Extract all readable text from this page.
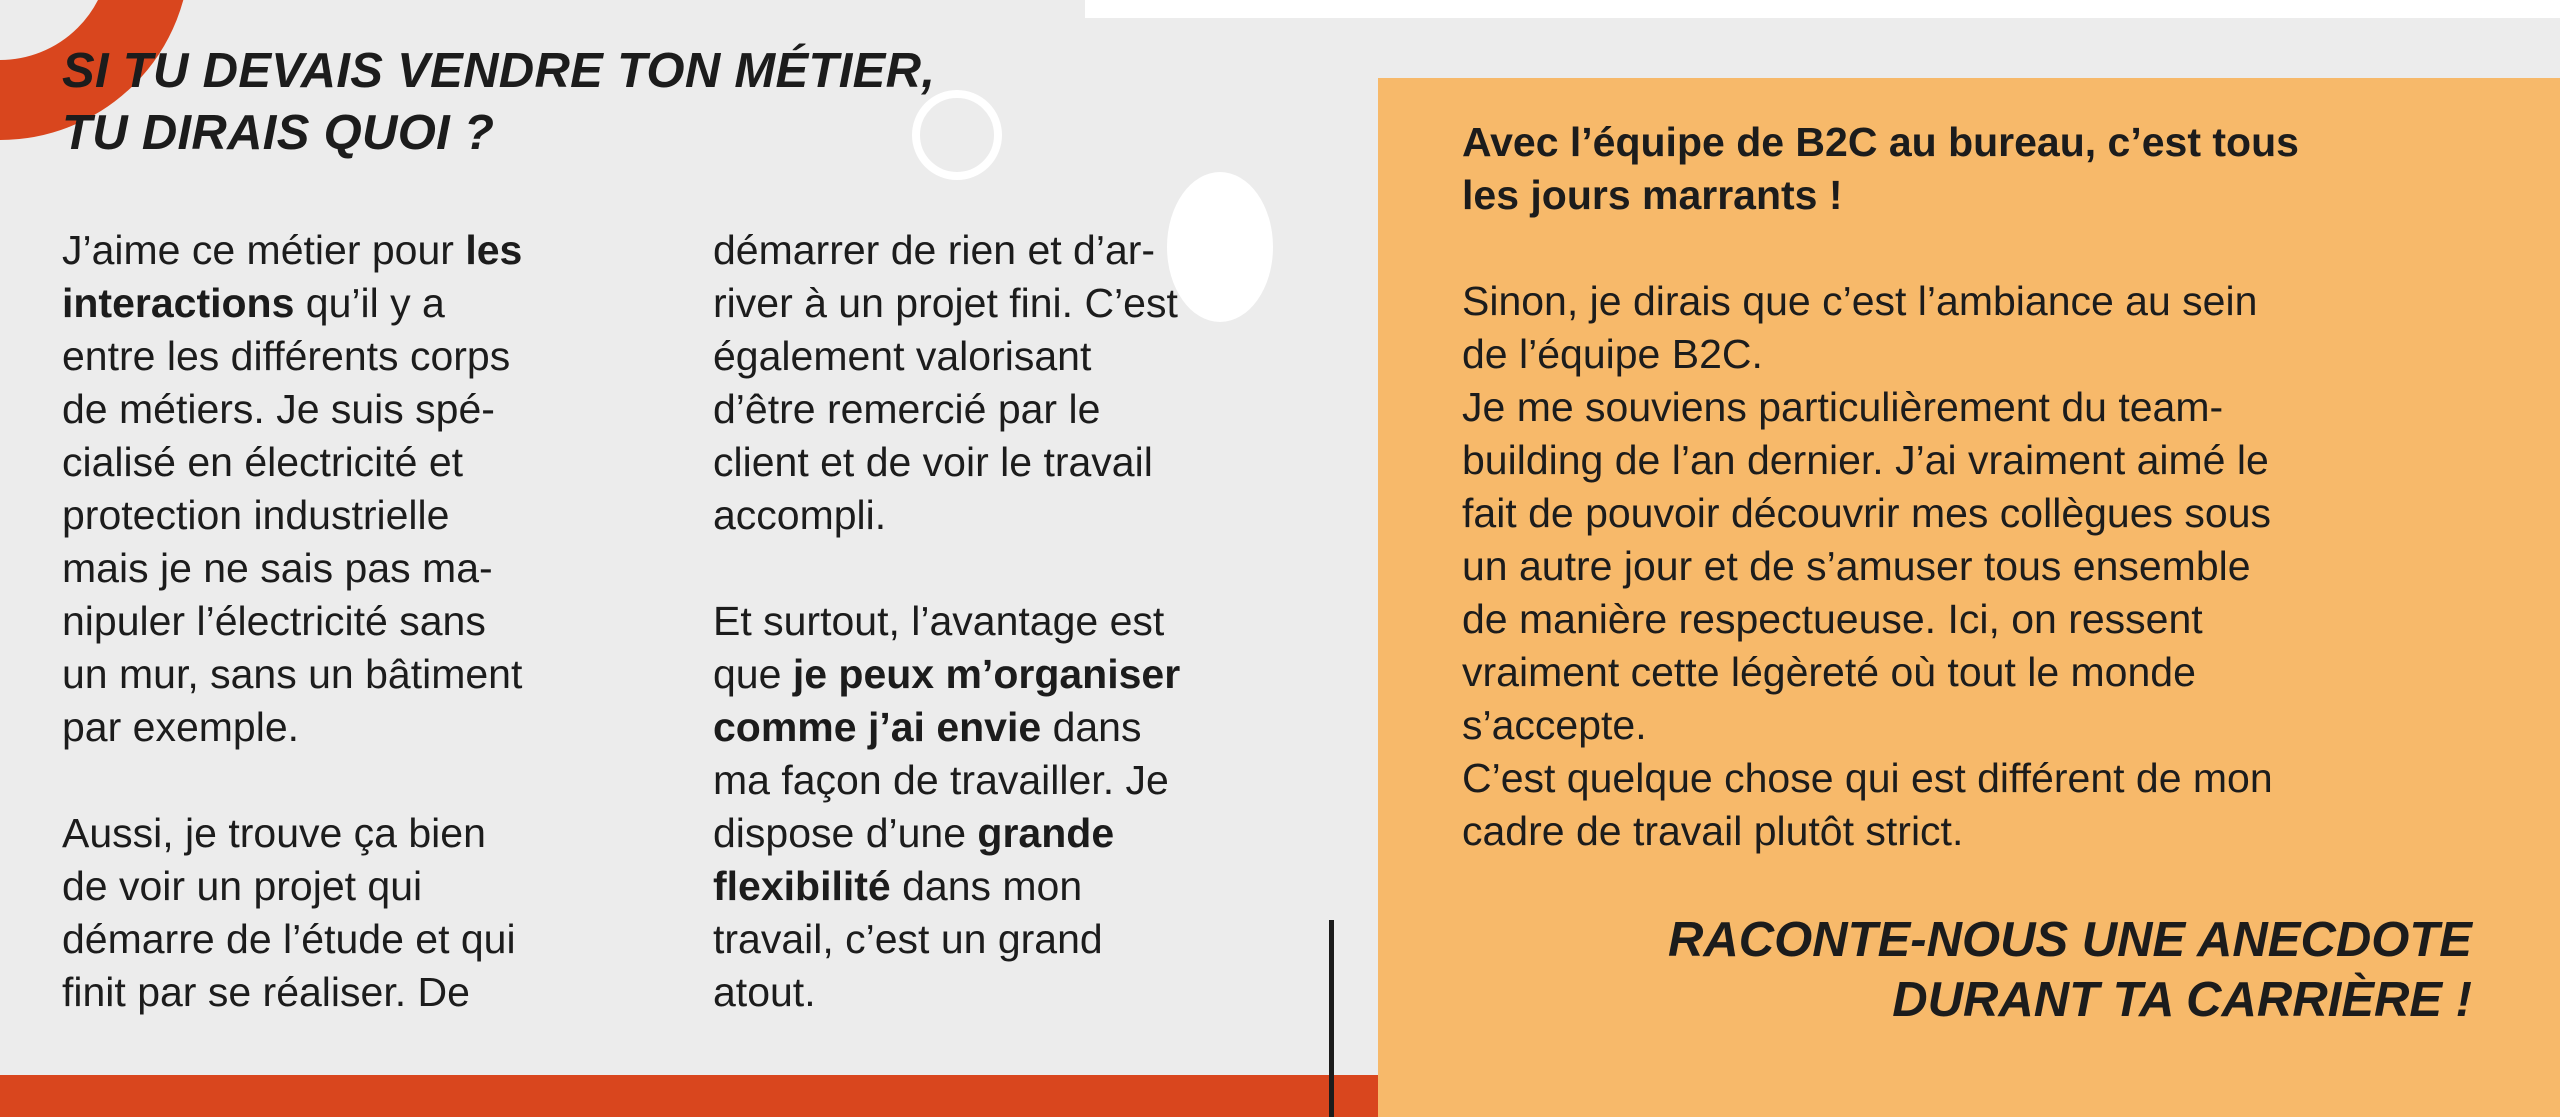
SI TU DEVAIS VENDRE TON MÉTIER,
TU DIRAIS QUOI ?

J’aime ce métier pour les
interactions qu’il y a
entre les différents corps
de métiers. Je suis spé-
cialisé en électricité et
protection industrielle
mais je ne sais pas ma-
nipuler l’électricité sans
un mur, sans un bâtiment
par exemple.

Aussi, je trouve ça bien
de voir un projet qui
démarre de l’étude et qui
finit par se réaliser. De

démarrer de rien et d’ar-
river à un projet fini. C’est
également valorisant
d’être remercié par le
client et de voir le travail
accompli.

Et surtout, l’avantage est
que je peux m’organiser
comme j’ai envie dans
ma façon de travailler. Je
dispose d’une grande
flexibilité dans mon
travail, c’est un grand
atout.

Avec l’équipe de B2C au bureau, c’est tous
les jours marrants !

Sinon, je dirais que c’est l’ambiance au sein
de l’équipe B2C.
Je me souviens particulièrement du team-
building de l’an dernier. J’ai vraiment aimé le
fait de pouvoir découvrir mes collègues sous
un autre jour et de s’amuser tous ensemble
de manière respectueuse. Ici, on ressent
vraiment cette légèreté où tout le monde
s’accepte.
C’est quelque chose qui est différent de mon
cadre de travail plutôt strict.

RACONTE-NOUS UNE ANECDOTE
DURANT TA CARRIÈRE !
